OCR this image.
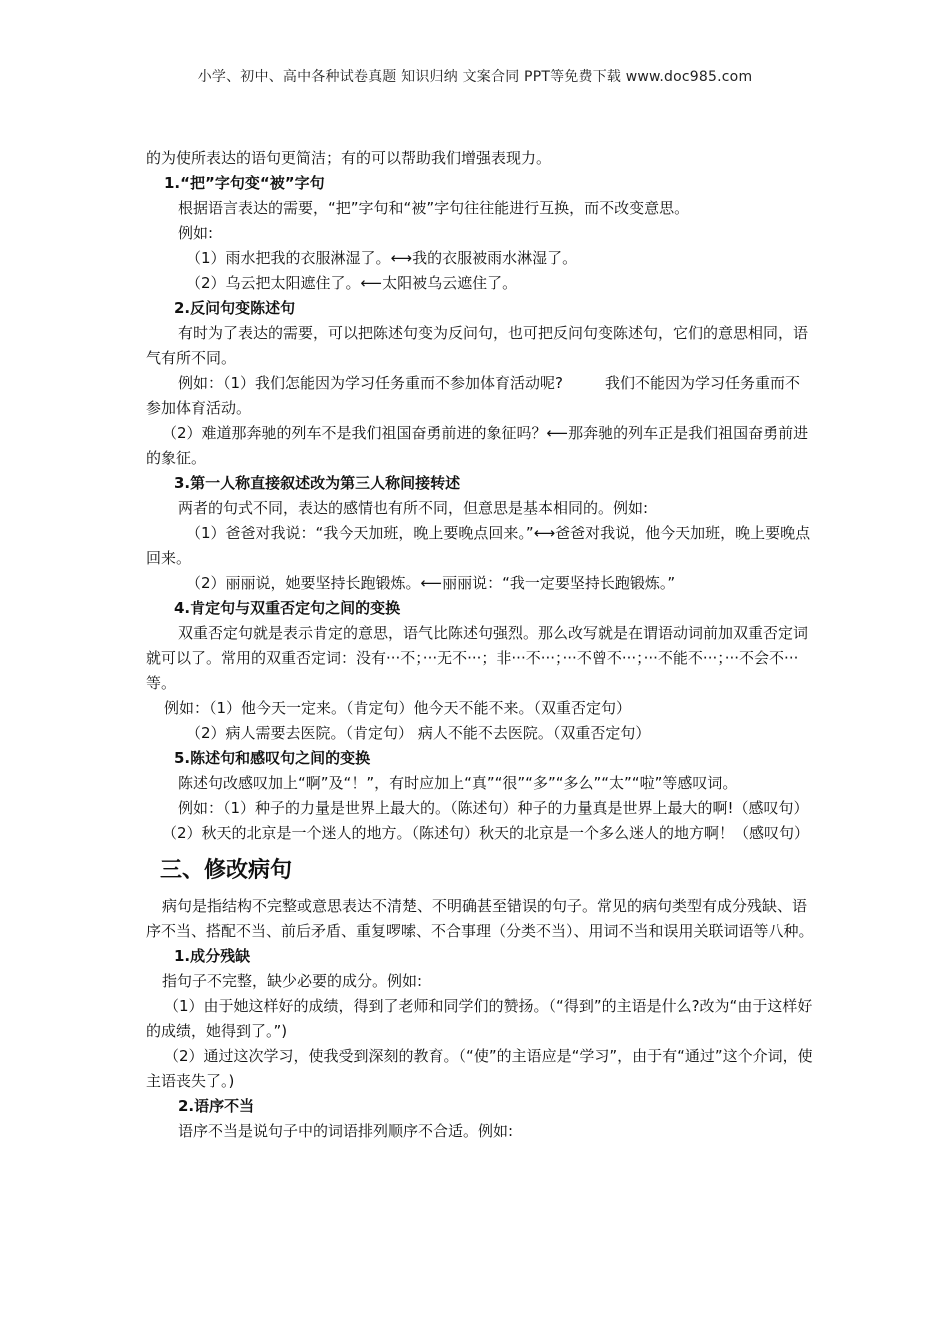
小学、初中、高中各种试卷真题 知识归纳 文案合同 PPT等免费下载 www.doc985.com

的为使所表达的语句更简洁；有的可以帮助我们增强表现力。

1.“把”字句变“被”字句

根据语言表达的需要，“把”字句和“被”字句往往能进行互换，而不改变意思。

例如:

（1）雨水把我的衣服淋湿了。 ⟷ 我的衣服被雨水淋湿了。

（2）乌云把太阳遮住了。 ⟵ 太阳被乌云遮住了。

2.反问句变陈述句

有时为了表达的需要，可以把陈述句变为反问句，也可把反问句变陈述句，它们的意思相同，语气有所不同。

例如：（1）我们怎能因为学习任务重而不参加体育活动呢?	我们不能因为学习任务重而不参加体育活动。

（2）难道那奔驰的列车不是我们祖国奋勇前进的象征吗？ ⟵ 那奔驰的列车正是我们祖国奋勇前进的象征。

3.第一人称直接叙述改为第三人称间接转述

两者的句式不同，表达的感情也有所不同，但意思是基本相同的。例如:

（1）爸爸对我说：“我今天加班，晚上要晚点回来。” ⟷ 爸爸对我说，他今天加班，晚上要晚点回来。

（2）丽丽说，她要坚持长跑锻炼。 ⟵ 丽丽说：“我一定要坚持长跑锻炼。”

4.肯定句与双重否定句之间的变换

双重否定句就是表示肯定的意思，语气比陈述句强烈。那么改写就是在谓语动词前加双重否定词就可以了。常用的双重否定词：没有···不；···无不···；非···不···；···不曾不···；···不能不···；···不会不···等。

例如：（1）他今天一定来。（肯定句）他今天不能不来。（双重否定句）

（2）病人需要去医院。（肯定句） 病人不能不去医院。（双重否定句）

5.陈述句和感叹句之间的变换

陈述句改感叹加上“啊”及“！”，有时应加上“真”“很”“多”“多么”“太”“啦”等感叹词。

例如：（1）种子的力量是世界上最大的。（陈述句）种子的力量真是世界上最大的啊!（感叹句）

（2）秋天的北京是一个迷人的地方。（陈述句）秋天的北京是一个多么迷人的地方啊！（感叹句）

三、修改病句

病句是指结构不完整或意思表达不清楚、不明确甚至错误的句子。常见的病句类型有成分残缺、语序不当、搭配不当、前后矛盾、重复啰嗦、不合事理（分类不当）、用词不当和误用关联词语等八种。

1.成分残缺

指句子不完整，缺少必要的成分。例如:

（1）由于她这样好的成绩，得到了老师和同学们的赞扬。（“得到”的主语是什么?改为“由于这样好的成绩，她得到了。”)

（2）通过这次学习，使我受到深刻的教育。（“使”的主语应是“学习”，由于有“通过”这个介词，使主语丧失了。)

2.语序不当

语序不当是说句子中的词语排列顺序不合适。例如:
